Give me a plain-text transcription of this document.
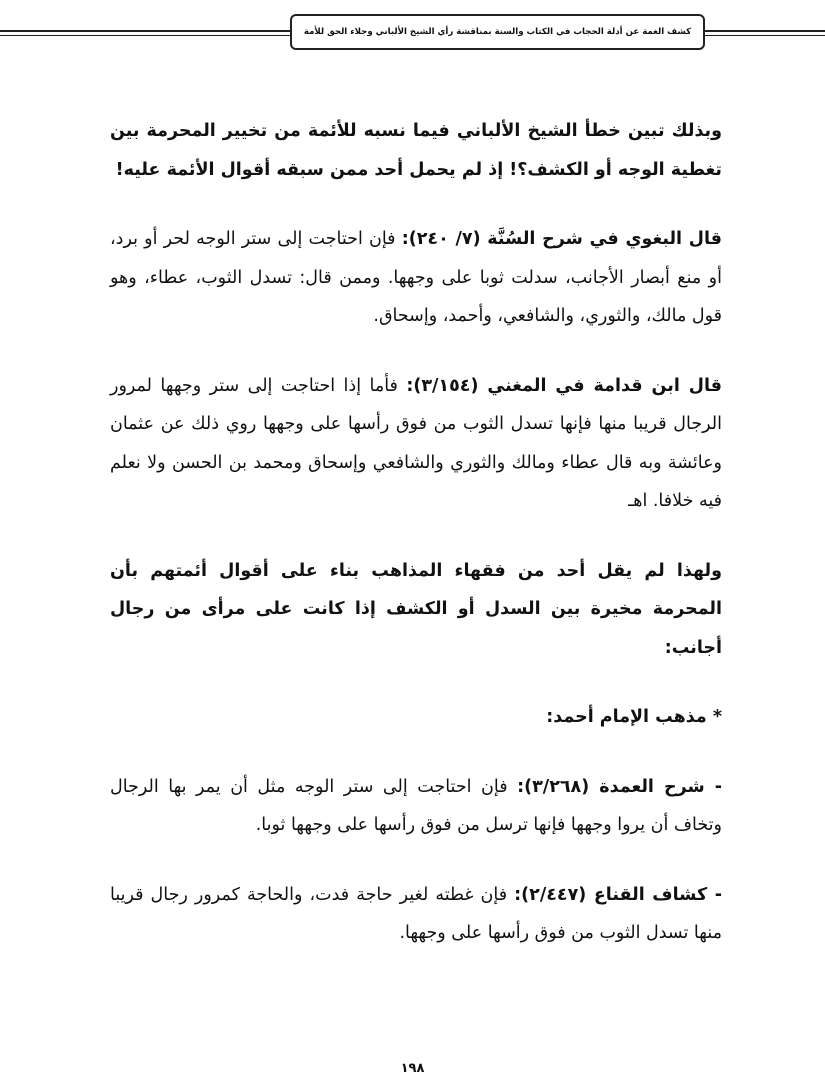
كشف الغمة عن أدلة الحجاب في الكتاب والسنة بمناقشة رأي الشيخ الألباني وجلاء الحق للأمة

وبذلك تبين خطأ الشيخ الألباني فيما نسبه للأئمة من تخيير المحرمة بين تغطية الوجه أو الكشف؟! إذ لم يحمل أحد ممن سبقه أقوال الأئمة عليه!

قال البغوي في شرح السُنَّة (٧/ ٢٤٠): فإن احتاجت إلى ستر الوجه لحر أو برد، أو منع أبصار الأجانب، سدلت ثوبا على وجهها. وممن قال: تسدل الثوب، عطاء، وهو قول مالك، والثوري، والشافعي، وأحمد، وإسحاق.

قال ابن قدامة في المغني (٣/١٥٤): فأما إذا احتاجت إلى ستر وجهها لمرور الرجال قريبا منها فإنها تسدل الثوب من فوق رأسها على وجهها روي ذلك عن عثمان وعائشة وبه قال عطاء ومالك والثوري والشافعي وإسحاق ومحمد بن الحسن ولا نعلم فيه خلافا. اهـ

ولهذا لم يقل أحد من فقهاء المذاهب بناء على أقوال أئمتهم بأن المحرمة مخيرة بين السدل أو الكشف إذا كانت على مرأى من رجال أجانب:

* مذهب الإمام أحمد:

- شرح العمدة (٣/٢٦٨): فإن احتاجت إلى ستر الوجه مثل أن يمر بها الرجال وتخاف أن يروا وجهها فإنها ترسل من فوق رأسها على وجهها ثوبا.

- كشاف القناع (٢/٤٤٧): فإن غطته لغير حاجة فدت، والحاجة كمرور رجال قريبا منها تسدل الثوب من فوق رأسها على وجهها.

١٩٨
